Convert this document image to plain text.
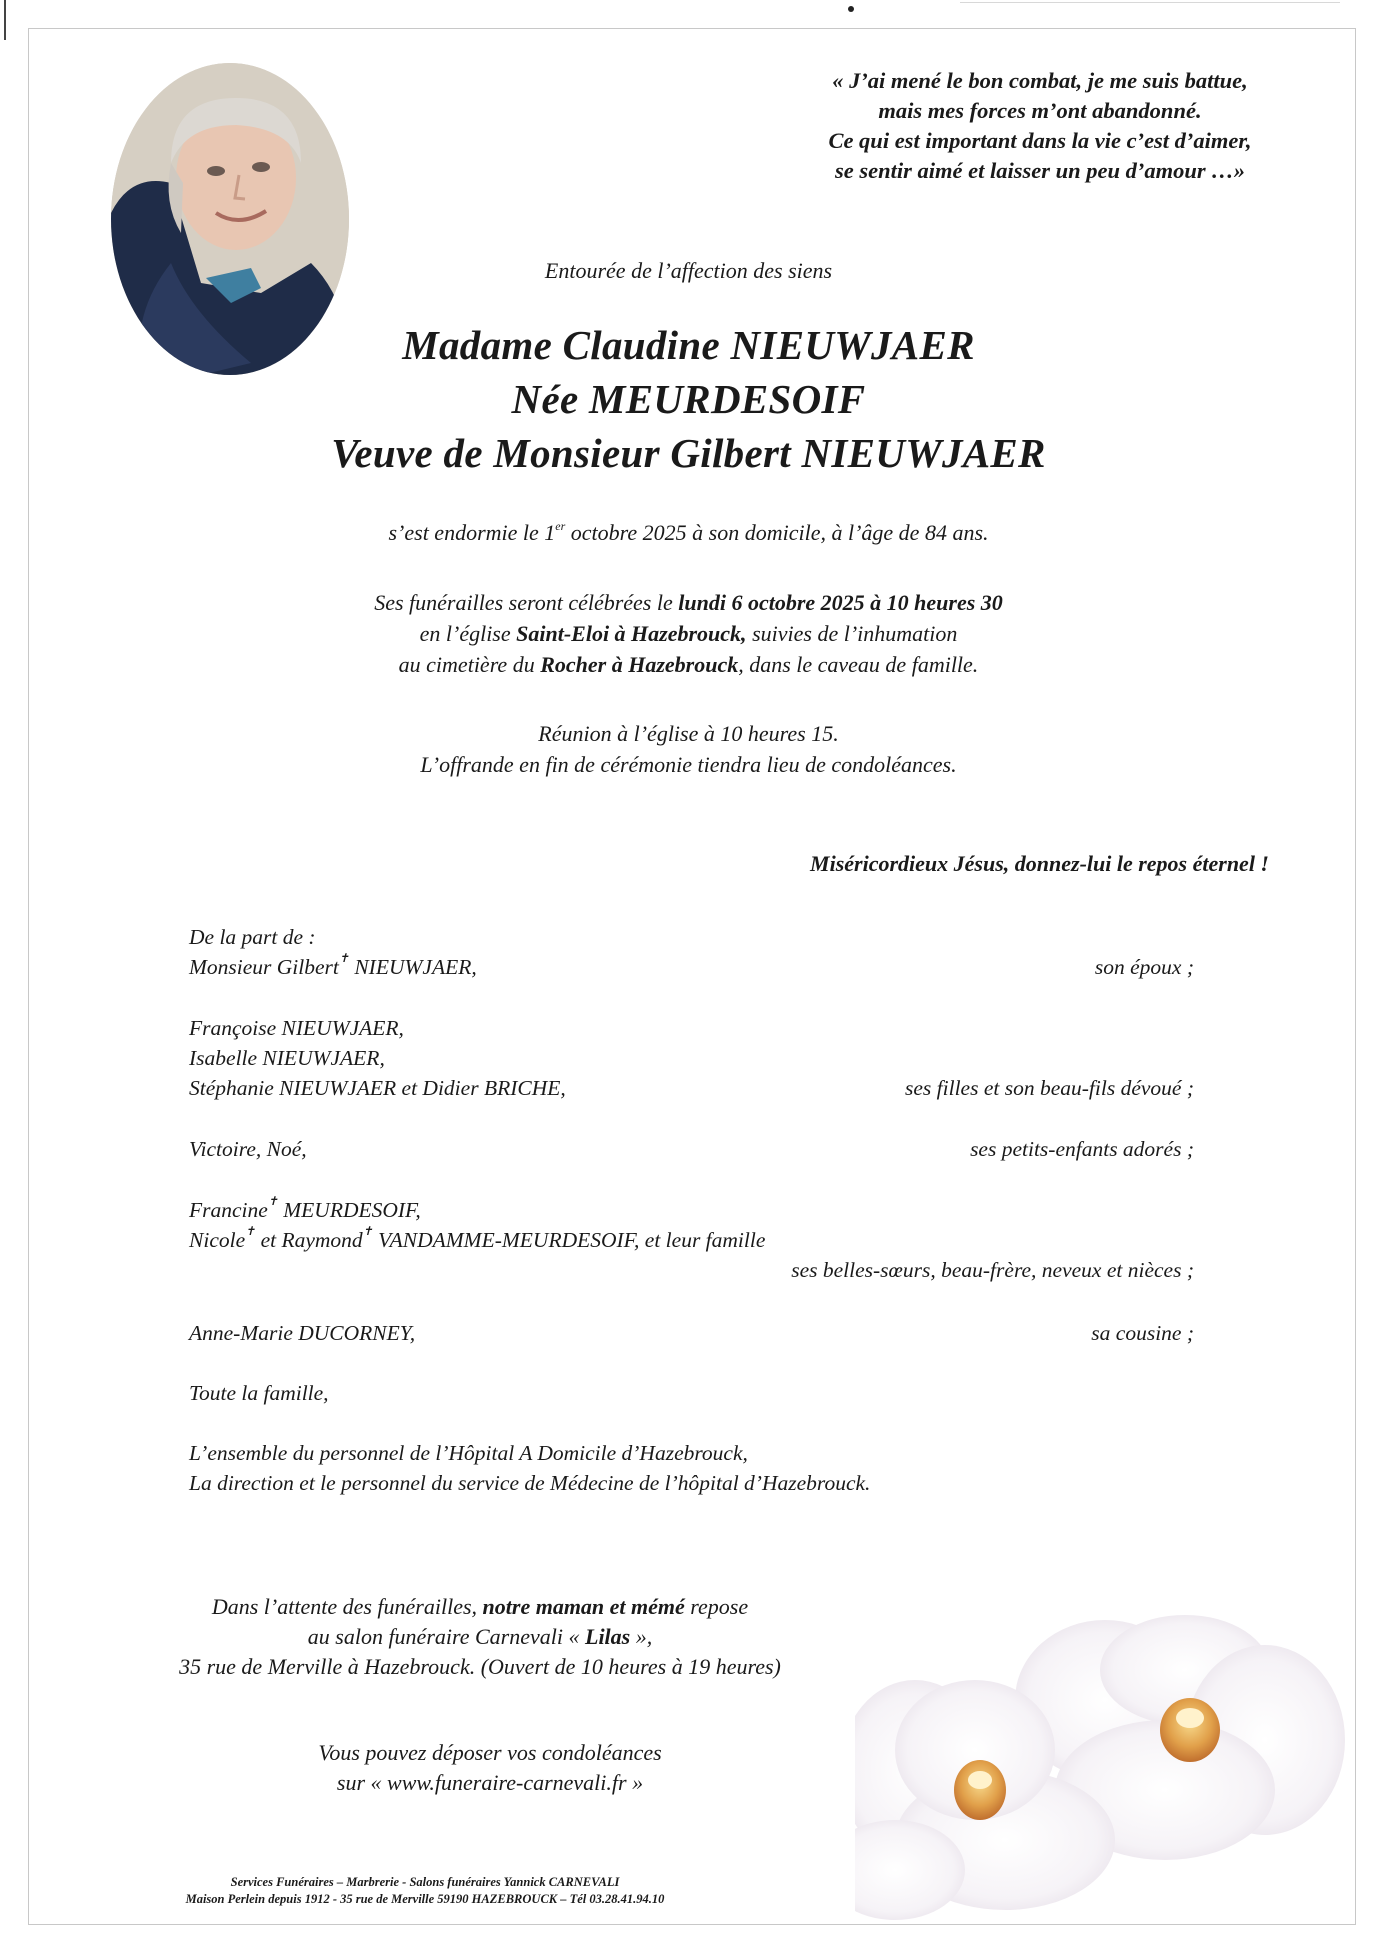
« J’ai mené le bon combat, je me suis battue,
mais mes forces m’ont abandonné.
Ce qui est important dans la vie c’est d’aimer,
se sentir aimé et laisser un peu d’amour …»
Entourée de l’affection des siens
Madame Claudine NIEUWJAER
Née MEURDESOIF
Veuve de Monsieur Gilbert NIEUWJAER
s’est endormie le 1er octobre 2025 à son domicile, à l’âge de 84 ans.
Ses funérailles seront célébrées le lundi 6 octobre 2025 à 10 heures 30
en l’église Saint-Eloi à Hazebrouck, suivies de l’inhumation
au cimetière du Rocher à Hazebrouck, dans le caveau de famille.
Réunion à l’église à 10 heures 15.
L’offrande en fin de cérémonie tiendra lieu de condoléances.
Miséricordieux Jésus, donnez-lui le repos éternel !
De la part de :
Monsieur Gilbert✝ NIEUWJAER,	son époux ;
Françoise NIEUWJAER,
Isabelle NIEUWJAER,
Stéphanie NIEUWJAER et Didier BRICHE,	ses filles et son beau-fils dévoué ;
Victoire, Noé,	ses petits-enfants adorés ;
Francine✝ MEURDESOIF,
Nicole✝ et Raymond✝ VANDAMME-MEURDESOIF, et leur famille
ses belles-sœurs, beau-frère, neveux et nièces ;
Anne-Marie DUCORNEY,	sa cousine ;
Toute la famille,
L’ensemble du personnel de l’Hôpital A Domicile d’Hazebrouck,
La direction et le personnel du service de Médecine de l’hôpital d’Hazebrouck.
Dans l’attente des funérailles, notre maman et mémé repose
au salon funéraire Carnevali « Lilas »,
35 rue de Merville à Hazebrouck. (Ouvert de 10 heures à 19 heures)
Vous pouvez déposer vos condoléances
sur « www.funeraire-carnevali.fr »
Services Funéraires – Marbrerie - Salons funéraires Yannick CARNEVALI
Maison Perlein depuis 1912 - 35 rue de Merville 59190 HAZEBROUCK – Tél 03.28.41.94.10
